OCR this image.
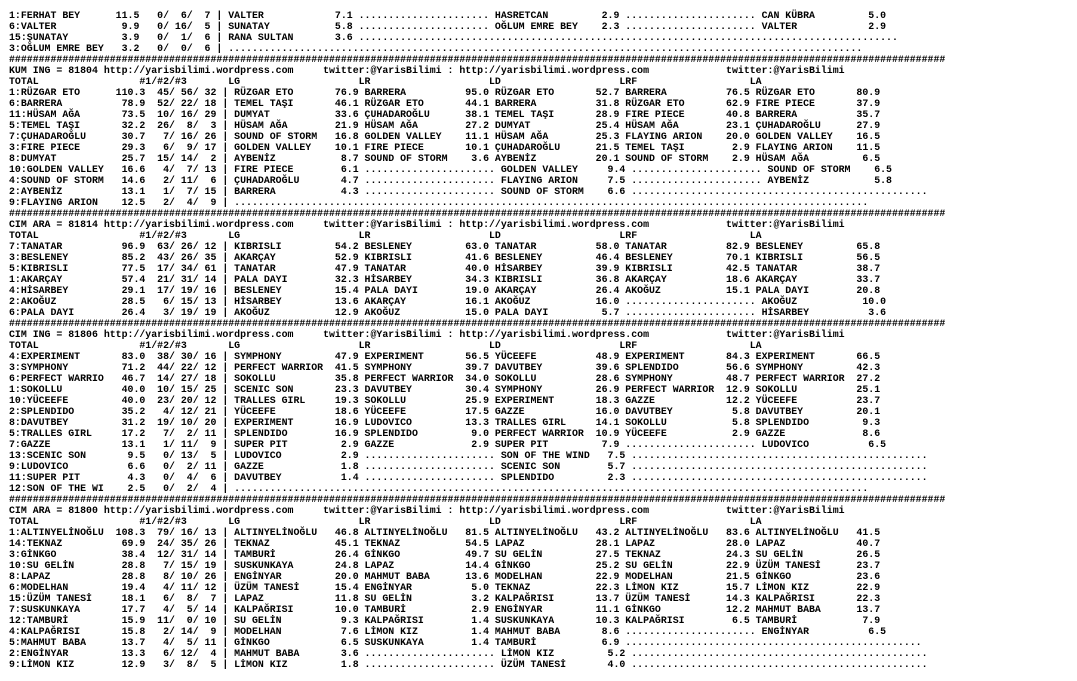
1:FERHAT BEY      11.5   0/  6/  7 | VALTER            7.1 ...................... HASRETCAN         2.9 ...................... CAN KÜBRA         5.0
6:VALTER           9.9   0/ 16/  5 | SUNATAY           5.8 ...................... OĞLUM EMRE BEY    2.3 ...................... VALTER            2.9
15:ŞUNATAY         3.9   0/  1/  6 | RANA SULTAN       3.6 ...........................................................................................
3:OĞLUM EMRE BEY   3.2   0/  0/  6 | ...........................................................................................................
##############################################################################################################################################################
KUM ING = 81804 http://yarisbilimi.wordpress.com     twitter:@YarisBilimi : http://yarisbilimi.wordpress.com             twitter:@YarisBilimi
TOTAL                 #1/#2/#3       LG                    LR                    LD                    LRF                   LA
1:RÜZGAR ETO      110.3  45/ 56/ 32 | RÜZGAR ETO       76.9 BARRERA          95.0 RÜZGAR ETO       52.7 BARRERA          76.5 RÜZGAR ETO       80.9
6:BARRERA          78.9  52/ 22/ 18 | TEMEL TAŞI       46.1 RÜZGAR ETO       44.1 BARRERA          31.8 RÜZGAR ETO       62.9 FIRE PIECE       37.9
11:HÜSAM AĞA       73.5  10/ 16/ 29 | DUMYAT           33.6 ÇUHADAROĞLU      38.1 TEMEL TAŞI       28.9 FIRE PIECE       40.8 BARRERA          35.7
5:TEMEL TAŞI       32.2  26/  8/  3 | HÜSAM AĞA        21.9 HÜSAM AĞA        27.2 DUMYAT           25.4 HÜSAM AĞA        23.1 ÇUHADAROĞLU      27.9
7:ÇUHADAROĞLU      30.7   7/ 16/ 26 | SOUND OF STORM   16.8 GOLDEN VALLEY    11.1 HÜSAM AĞA        25.3 FLAYING ARION    20.0 GOLDEN VALLEY    16.5
3:FIRE PIECE       29.3   6/  9/ 17 | GOLDEN VALLEY    10.1 FIRE PIECE       10.1 ÇUHADAROĞLU      21.5 TEMEL TAŞI        2.9 FLAYING ARION    11.5
8:DUMYAT           25.7  15/ 14/  2 | AYBENİZ           8.7 SOUND OF STORM    3.6 AYBENİZ          20.1 SOUND OF STORM    2.9 HÜSAM AĞA         6.5
10:GOLDEN VALLEY   16.6   4/  7/ 13 | FIRE PIECE        6.1 ...................... GOLDEN VALLEY     9.4 ...................... SOUND OF STORM    6.5
4:SOUND OF STORM   14.6   2/ 11/  6 | ÇUHADAROĞLU       4.7 ...................... FLAYING ARION     7.5 ...................... AYBENİZ           5.8
2:AYBENİZ          13.1   1/  7/ 15 | BARRERA           4.3 ...................... SOUND OF STORM    6.6 ..................................................
9:FLAYING ARION    12.5   2/  4/  9 | ...........................................................................................................
##############################################################################################################################################################
CIM ARA = 81814 http://yarisbilimi.wordpress.com     twitter:@YarisBilimi : http://yarisbilimi.wordpress.com             twitter:@YarisBilimi
TOTAL                 #1/#2/#3       LG                    LR                    LD                    LRF                   LA
7:TANATAR          96.9  63/ 26/ 12 | KIBRISLI         54.2 BESLENEY         63.0 TANATAR          58.0 TANATAR          82.9 BESLENEY         65.8
3:BESLENEY         85.2  43/ 26/ 35 | AKARÇAY          52.9 KIBRISLI         41.6 BESLENEY         46.4 BESLENEY         70.1 KIBRISLI         56.5
5:KIBRISLI         77.5  17/ 34/ 61 | TANATAR          47.9 TANATAR          40.0 HİSARBEY         39.9 KIBRISLI         42.5 TANATAR          38.7
1:AKARÇAY          57.4  21/ 31/ 14 | PALA DAYI        32.3 HİSARBEY         34.3 KIBRISLI         36.8 AKARÇAY          18.6 AKARÇAY          33.7
4:HİSARBEY         29.1  17/ 19/ 16 | BESLENEY         15.4 PALA DAYI        19.0 AKARÇAY          26.4 AKOĞUZ           15.1 PALA DAYI        20.8
2:AKOĞUZ           28.5   6/ 15/ 13 | HİSARBEY         13.6 AKARÇAY          16.1 AKOĞUZ           16.0 ...................... AKOĞUZ           10.0
6:PALA DAYI        26.4   3/ 19/ 19 | AKOĞUZ           12.9 AKOĞUZ           15.0 PALA DAYI         5.7 ...................... HİSARBEY          3.6
##############################################################################################################################################################
CIM ING = 81806 http://yarisbilimi.wordpress.com     twitter:@YarisBilimi : http://yarisbilimi.wordpress.com             twitter:@YarisBilimi
TOTAL                 #1/#2/#3       LG                    LR                    LD                    LRF                   LA
4:EXPERIMENT       83.0  38/ 30/ 16 | SYMPHONY         47.9 EXPERIMENT       56.5 YÜCEEFE          48.9 EXPERIMENT       84.3 EXPERIMENT       66.5
3:SYMPHONY         71.2  44/ 22/ 12 | PERFECT WARRIOR  41.5 SYMPHONY         39.7 DAVUTBEY         39.6 SPLENDIDO        56.6 SYMPHONY         42.3
6:PERFECT WARRIO   46.7  14/ 27/ 18 | SOKOLLU          35.8 PERFECT WARRIOR  34.0 SOKOLLU          28.6 SYMPHONY         48.7 PERFECT WARRIOR  27.2
1:SOKOLLU          40.0  10/ 15/ 25 | SCENIC SON       23.3 DAVUTBEY         30.4 SYMPHONY         26.9 PERFECT WARRIOR  12.9 SOKOLLU          25.1
10:YÜCEEFE         40.0  23/ 20/ 12 | TRALLES GIRL     19.3 SOKOLLU          25.9 EXPERIMENT       18.3 GAZZE            12.2 YÜCEEFE          23.7
2:SPLENDIDO        35.2   4/ 12/ 21 | YÜCEEFE          18.6 YÜCEEFE          17.5 GAZZE            16.0 DAVUTBEY          5.8 DAVUTBEY         20.1
8:DAVUTBEY         31.2  19/ 10/ 20 | EXPERIMENT       16.9 LUDOVICO         13.3 TRALLES GIRL     14.1 SOKOLLU           5.8 SPLENDIDO         9.3
5:TRALLES GIRL     17.2   7/  2/ 11 | SPLENDIDO        16.9 SPLENDIDO         9.0 PERFECT WARRIOR  10.9 YÜCEEFE           2.9 GAZZE             8.6
7:GAZZE            13.1   1/ 11/  9 | SUPER PIT         2.9 GAZZE             2.9 SUPER PIT         7.9 ...................... LUDOVICO          6.5
13:SCENIC SON       9.5   0/ 13/  5 | LUDOVICO          2.9 ...................... SON OF THE WIND   7.5 ..................................................
9:LUDOVICO          6.6   0/  2/ 11 | GAZZE             1.8 ...................... SCENIC SON        5.7 ..................................................
11:SUPER PIT        4.3   0/  4/  6 | DAVUTBEY          1.4 ...................... SPLENDIDO         2.3 ..................................................
12:SON OF THE WI    2.5   0/  2/  4 | ...........................................................................................................
##############################################################################################################################################################
CIM ARA = 81800 http://yarisbilimi.wordpress.com     twitter:@YarisBilimi : http://yarisbilimi.wordpress.com             twitter:@YarisBilimi
TOTAL                 #1/#2/#3       LG                    LR                    LD                    LRF                   LA
1:ALTINYELİNOĞLU  108.3  79/ 16/ 13 | ALTINYELİNOĞLU   46.8 ALTINYELİNOĞLU   81.5 ALTINYELİNOĞLU   43.2 ALTINYELİNOĞLU   83.6 ALTINYELİNOĞLU   41.5
14:TEKNAZ          69.9  24/ 35/ 26 | TEKNAZ           45.1 TEKNAZ           54.5 LAPAZ            28.1 LAPAZ            28.0 LAPAZ            40.7
3:GİNKGO           38.4  12/ 31/ 14 | TAMBURİ          26.4 GİNKGO           49.7 SU GELİN         27.5 TEKNAZ           24.3 SU GELİN         26.5
10:SU GELİN        28.8   7/ 15/ 19 | SUSKUNKAYA       24.8 LAPAZ            14.4 GİNKGO           25.2 SU GELİN         22.9 ÜZÜM TANESİ      23.7
8:LAPAZ            28.8   8/ 10/ 26 | ENGİNYAR         20.0 MAHMUT BABA      13.6 MODELHAN         22.9 MODELHAN         21.5 GİNKGO           23.6
6:MODELHAN         19.4   4/ 11/ 12 | ÜZÜM TANESİ      15.4 ENGİNYAR          5.0 TEKNAZ           22.3 LİMON KIZ        15.7 LİMON KIZ        22.9
15:ÜZÜM TANESİ     18.1   6/  8/  7 | LAPAZ            11.8 SU GELİN          3.2 KALPAĞRISI       13.7 ÜZÜM TANESİ      14.3 KALPAĞRISI       22.3
7:SUSKUNKAYA       17.7   4/  5/ 14 | KALPAĞRISI       10.0 TAMBURİ           2.9 ENGİNYAR         11.1 GİNKGO           12.2 MAHMUT BABA      13.7
12:TAMBURİ         15.9  11/  0/ 10 | SU GELİN          9.3 KALPAĞRISI        1.4 SUSKUNKAYA       10.3 KALPAĞRISI        6.5 TAMBURİ           7.9
4:KALPAĞRISI       15.8   2/ 14/  9 | MODELHAN          7.6 LİMON KIZ         1.4 MAHMUT BABA       8.6 ...................... ENGİNYAR          6.5
5:MAHMUT BABA      13.7   4/  5/ 11 | GİNKGO            6.5 SUSKUNKAYA        1.4 TAMBURİ           6.9 ..................................................
2:ENGİNYAR         13.3   6/ 12/  4 | MAHMUT BABA       3.6 ...................... LİMON KIZ         5.2 ..................................................
9:LİMON KIZ        12.9   3/  8/  5 | LİMON KIZ         1.8 ...................... ÜZÜM TANESİ       4.0 ..................................................
